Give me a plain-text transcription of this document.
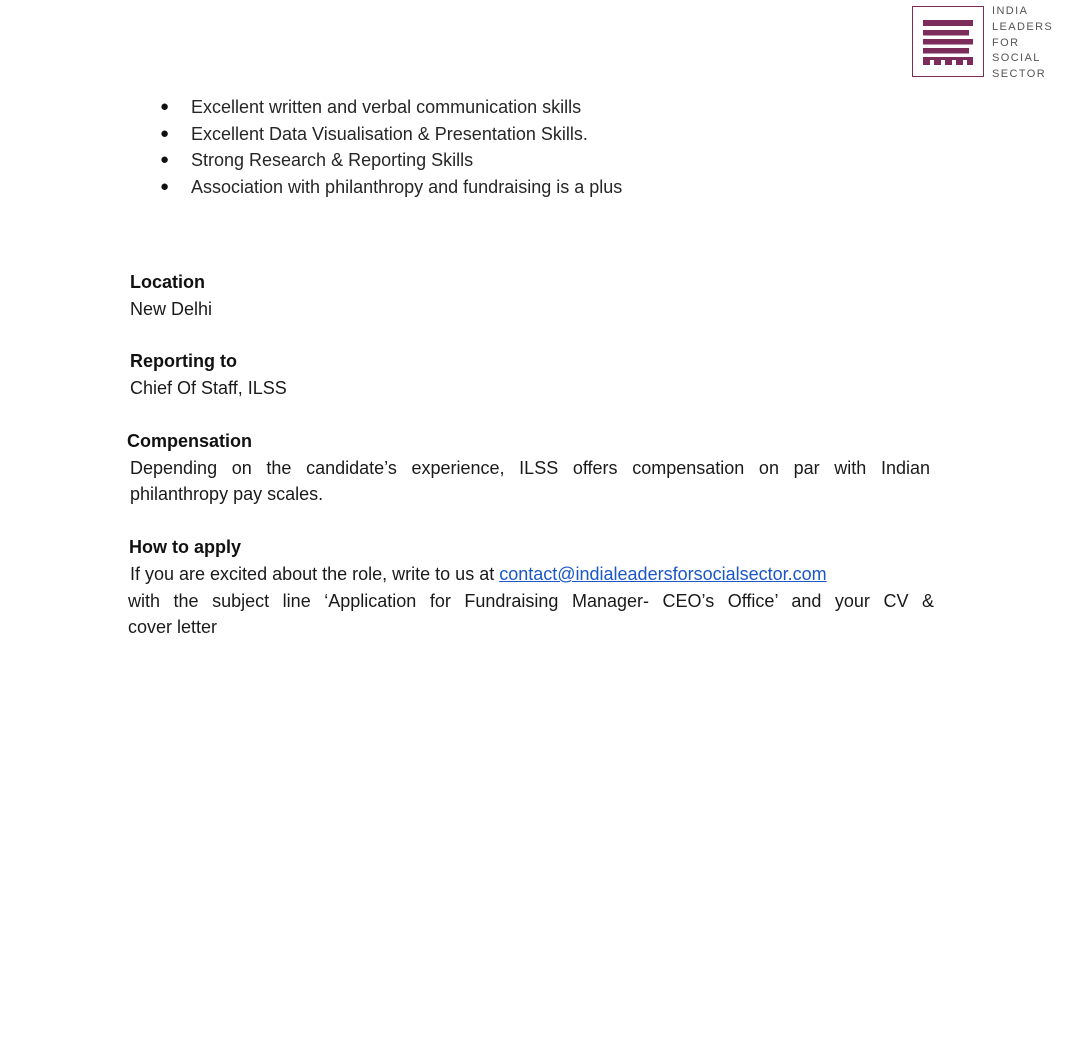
INDIA
LEADERS
FOR
SOCIAL
SECTOR
● Excellent written and verbal communication skills
● Excellent Data Visualisation & Presentation Skills.
● Strong Research & Reporting Skills
● Association with philanthropy and fundraising is a plus
Location
New Delhi
Reporting to
Chief Of Staff, ILSS
Compensation
Depending on the candidate’s experience, ILSS offers compensation on par with Indian
philanthropy pay scales.
How to apply
If you are excited about the role, write to us at contact@indialeadersforsocialsector.com
with the subject line ‘Application for Fundraising Manager- CEO’s Office’ and your CV &
cover letter
